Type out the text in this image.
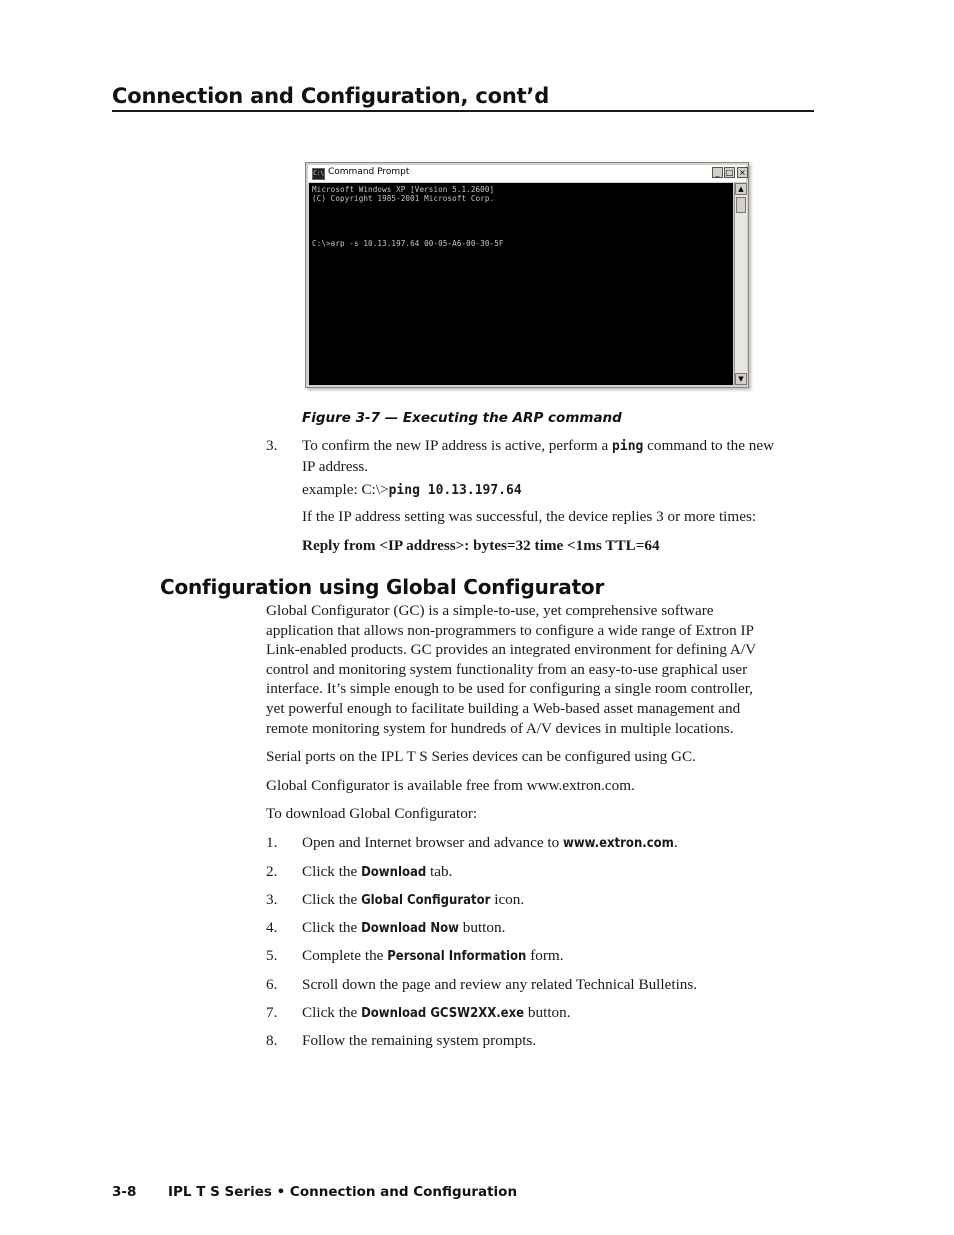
Connection and Configuration, cont’d
C:\ Command Prompt	_ □ ×
Microsoft Windows XP [Version 5.1.2600]
(C) Copyright 1985-2001 Microsoft Corp.
C:\>arp -s 10.13.197.64 00-05-A6-00-30-5F
▲
▼
Figure 3-7 — Executing the ARP command
3. To confirm the new IP address is active, perform a ping command to the new
IP address.
example: C:\>ping 10.13.197.64
If the IP address setting was successful, the device replies 3 or more times:
Reply from <IP address>: bytes=32 time <1ms TTL=64
Configuration using Global Configurator
Global Configurator (GC) is a simple-to-use, yet comprehensive software
application that allows non-programmers to configure a wide range of Extron IP
Link-enabled products. GC provides an integrated environment for defining A/V
control and monitoring system functionality from an easy-to-use graphical user
interface. It’s simple enough to be used for configuring a single room controller,
yet powerful enough to facilitate building a Web-based asset management and
remote monitoring system for hundreds of A/V devices in multiple locations.
Serial ports on the IPL T S Series devices can be configured using GC.
Global Configurator is available free from www.extron.com.
To download Global Configurator:
1. Open and Internet browser and advance to www.extron.com.
2. Click the Download tab.
3. Click the Global Configurator icon.
4. Click the Download Now button.
5. Complete the Personal Information form.
6. Scroll down the page and review any related Technical Bulletins.
7. Click the Download GCSW2XX.exe button.
8. Follow the remaining system prompts.
3-8 IPL T S Series • Connection and Configuration
